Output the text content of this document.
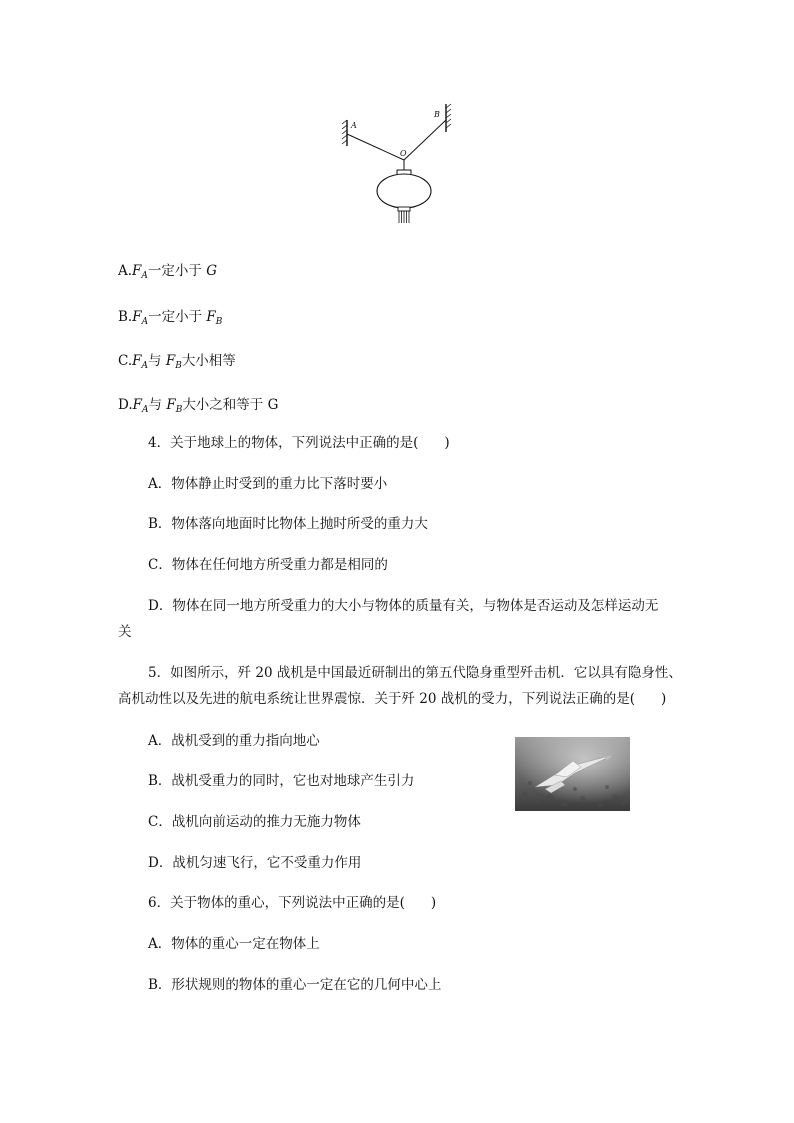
A
B
O
$A.F_A$一定小于 G
$B.F_A$一定小于 $F_B$
$C.F_A$与 $F_B$大小相等
$D.F_A$与 $F_B$大小之和等于 G
4．关于地球上的物体，下列说法中正确的是( )
A．物体静止时受到的重力比下落时要小
B．物体落向地面时比物体上抛时所受的重力大
C．物体在任何地方所受重力都是相同的
D．物体在同一地方所受重力的大小与物体的质量有关，与物体是否运动及怎样运动无
关
5．如图所示，歼 20 战机是中国最近研制出的第五代隐身重型歼击机．它以具有隐身性、
高机动性以及先进的航电系统让世界震惊．关于歼 20 战机的受力，下列说法正确的是( )
A．战机受到的重力指向地心
B．战机受重力的同时，它也对地球产生引力
C．战机向前运动的推力无施力物体
D．战机匀速飞行，它不受重力作用
6．关于物体的重心，下列说法中正确的是( )
A．物体的重心一定在物体上
B．形状规则的物体的重心一定在它的几何中心上
